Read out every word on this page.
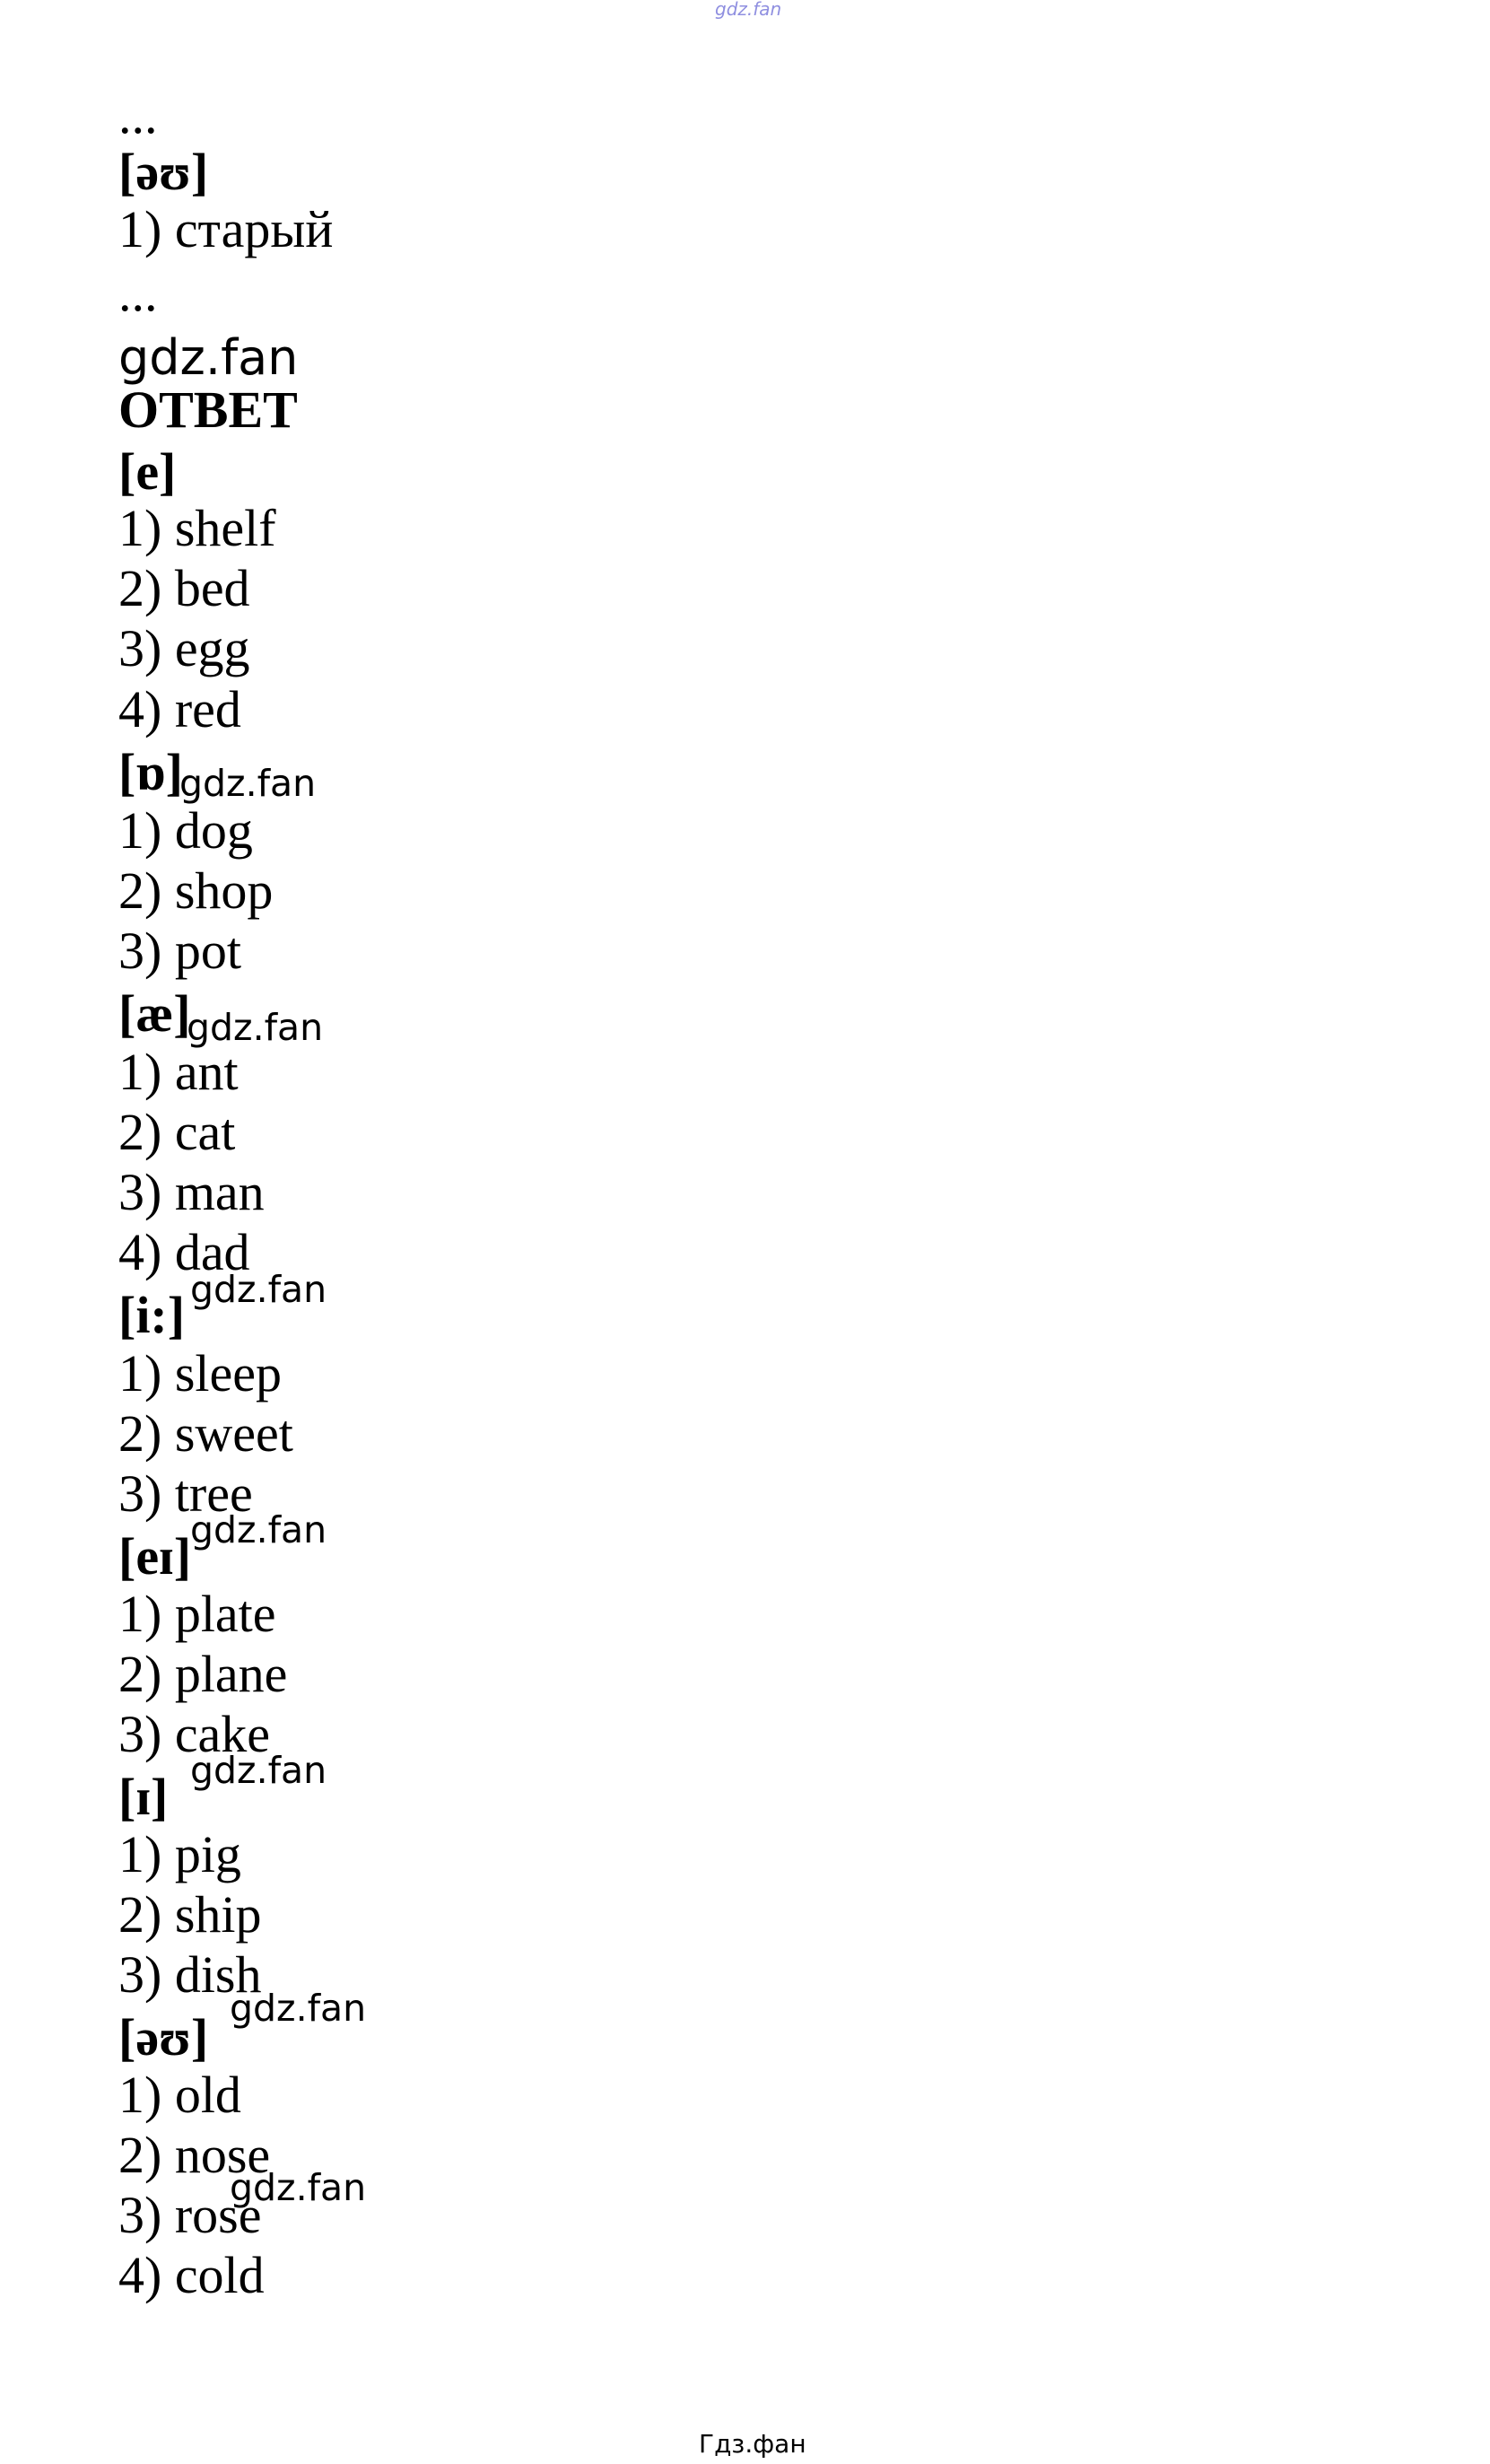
gdz.fan
...
[əʊ]
1) старый
...
gdz.fan
ОТВЕТ
[e]
1) shelf
2) bed
3) egg
4) red
[ɒ]
gdz.fan
1) dog
2) shop
3) pot
[æ]
gdz.fan
1) ant
2) cat
3) man
4) dad
gdz.fan
[i:]
1) sleep
2) sweet
3) tree
gdz.fan
[eɪ]
1) plate
2) plane
3) cake
gdz.fan
[ɪ]
1) pig
2) ship
3) dish
gdz.fan
[əʊ]
1) old
2) nose
gdz.fan
3) rose
4) cold
Гдз.фан
